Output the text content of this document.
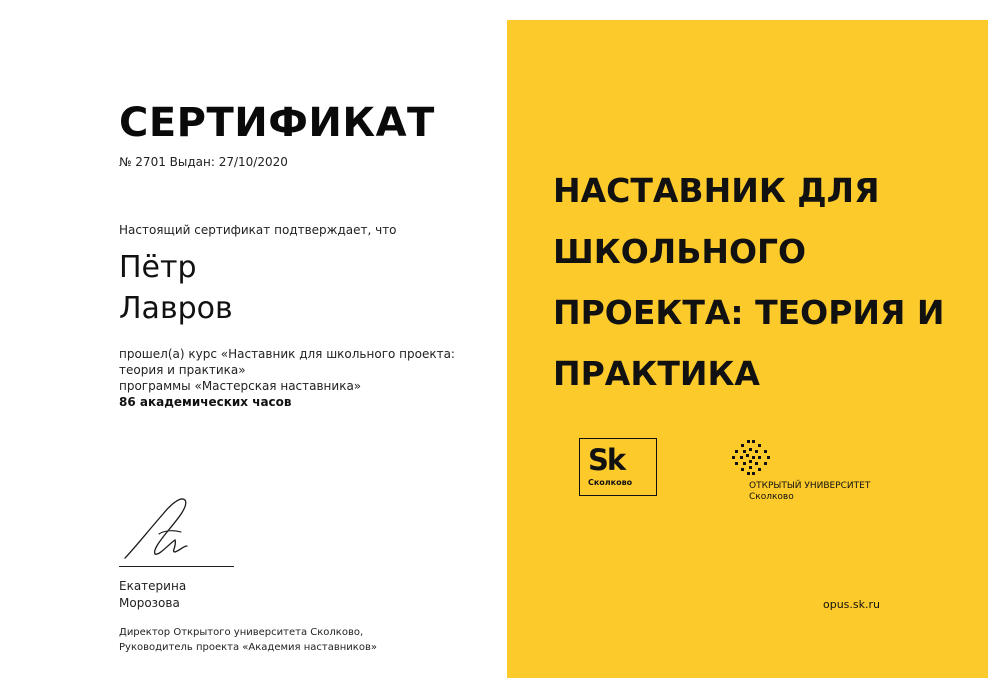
СЕРТИФИКАТ
№ 2701 Выдан: 27/10/2020
Настоящий сертификат подтверждает, что
Пётр
Лавров
прошел(а) курс «Наставник для школьного проекта:
теория и практика»
программы «Мастерская наставника»
86 академических часов
Екатерина
Морозова
Директор Открытого университета Сколково,
Руководитель проекта «Академия наставников»
НАСТАВНИК ДЛЯ
ШКОЛЬНОГО
ПРОЕКТА: ТЕОРИЯ И
ПРАКТИКА
Sk
Сколково	ОТКРЫТЫЙ УНИВЕРСИТЕТ
Сколково
opus.sk.ru
